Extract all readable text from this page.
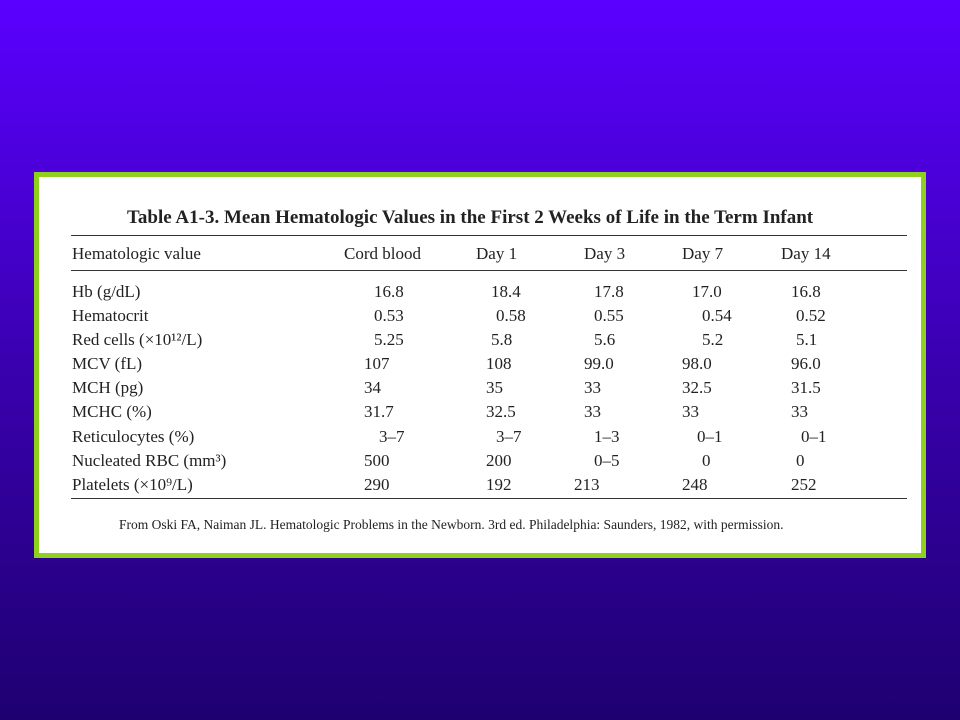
Table A1-3. Mean Hematologic Values in the First 2 Weeks of Life in the Term Infant
Hematologic value	Cord blood	Day 1	Day 3	Day 7	Day 14
Hb (g/dL)	16.8	18.4	17.8	17.0	16.8
Hematocrit	0.53	0.58	0.55	0.54	0.52
Red cells (×10¹²/L)	5.25	5.8	5.6	5.2	5.1
MCV (fL)	107	108	99.0	98.0	96.0
MCH (pg)	34	35	33	32.5	31.5
MCHC (%)	31.7	32.5	33	33	33
Reticulocytes (%)	3–7	3–7	1–3	0–1	0–1
Nucleated RBC (mm³)	500	200	0–5	0	0
Platelets (×10⁹/L)	290	192	213	248	252
From Oski FA, Naiman JL. Hematologic Problems in the Newborn. 3rd ed. Philadelphia: Saunders, 1982, with permission.
